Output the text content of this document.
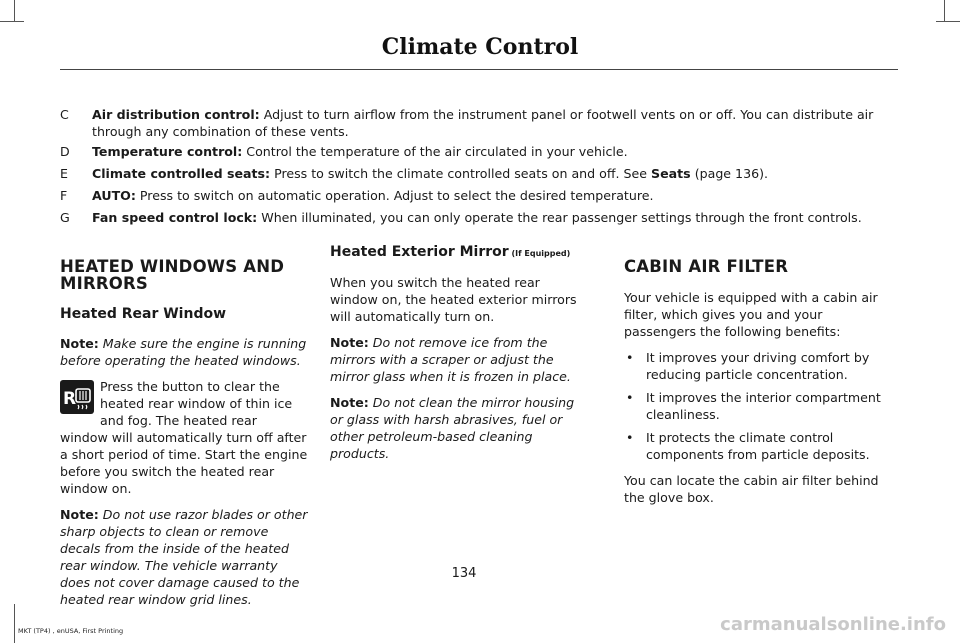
Climate Control
C	Air distribution control: Adjust to turn airflow from the instrument panel or footwell vents on or off. You can distribute air through any combination of these vents.
D	Temperature control: Control the temperature of the air circulated in your vehicle.
E	Climate controlled seats: Press to switch the climate controlled seats on and off. See Seats (page 136).
F	AUTO: Press to switch on automatic operation. Adjust to select the desired temperature.
G	Fan speed control lock: When illuminated, you can only operate the rear passenger settings through the front controls.
HEATED WINDOWS AND MIRRORS
Heated Rear Window

Note: Make sure the engine is running before operating the heated windows.

R
Press the button to clear the heated rear window of thin ice and fog. The heated rear window will automatically turn off after a short period of time. Start the engine before you switch the heated rear window on.

Note: Do not use razor blades or other sharp objects to clean or remove decals from the inside of the heated rear window. The vehicle warranty does not cover damage caused to the heated rear window grid lines.

Heated Exterior Mirror (If Equipped)

When you switch the heated rear window on, the heated exterior mirrors will automatically turn on.

Note: Do not remove ice from the mirrors with a scraper or adjust the mirror glass when it is frozen in place.

Note: Do not clean the mirror housing or glass with harsh abrasives, fuel or other petroleum-based cleaning products.

CABIN AIR FILTER

Your vehicle is equipped with a cabin air filter, which gives you and your passengers the following benefits:

• It improves your driving comfort by reducing particle concentration.
• It improves the interior compartment cleanliness.
• It protects the climate control components from particle deposits.

You can locate the cabin air filter behind the glove box.

134
MKT (TP4) , enUSA, First Printing	carmanualsonline.info
